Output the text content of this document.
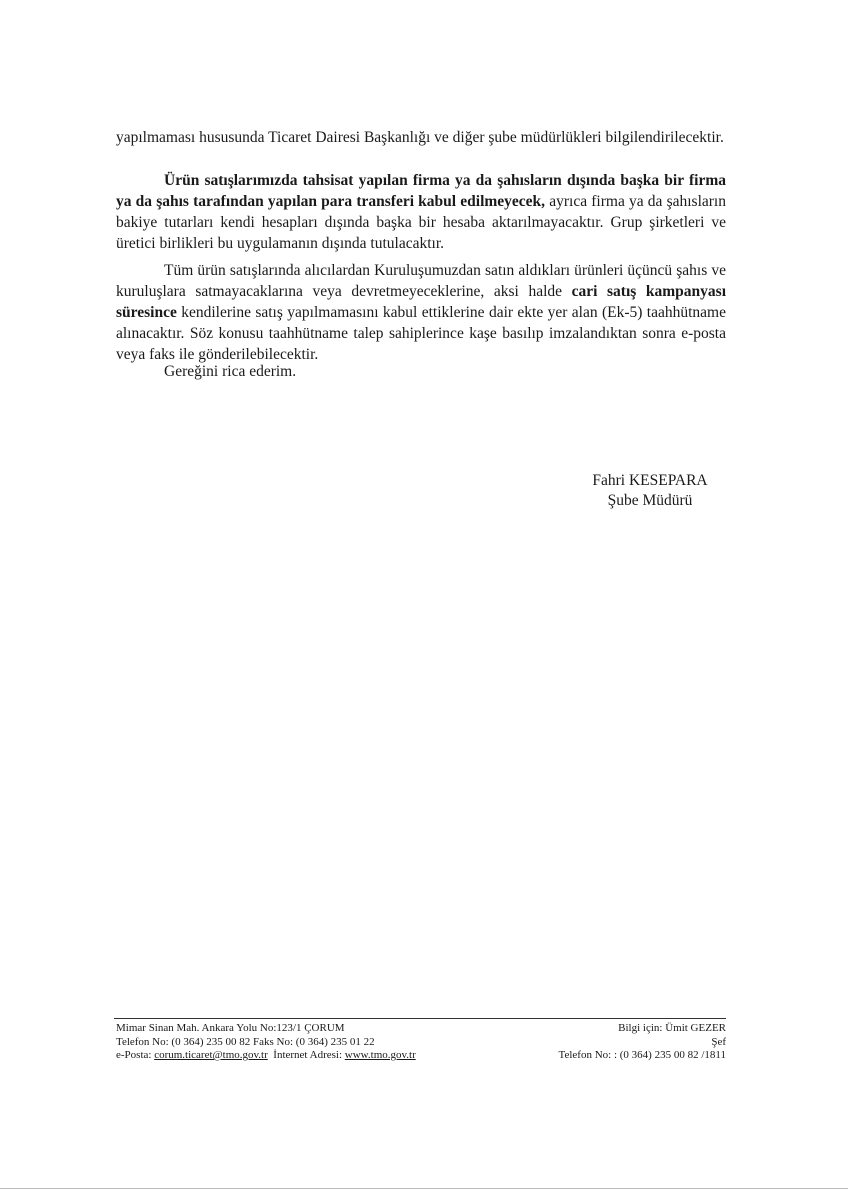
yapılmaması hususunda Ticaret Dairesi Başkanlığı ve diğer şube müdürlükleri bilgilendirilecektir.
Ürün satışlarımızda tahsisat yapılan firma ya da şahısların dışında başka bir firma ya da şahıs tarafından yapılan para transferi kabul edilmeyecek, ayrıca firma ya da şahısların bakiye tutarları kendi hesapları dışında başka bir hesaba aktarılmayacaktır. Grup şirketleri ve üretici birlikleri bu uygulamanın dışında tutulacaktır.
Tüm ürün satışlarında alıcılardan Kuruluşumuzdan satın aldıkları ürünleri üçüncü şahıs ve kuruluşlara satmayacaklarına veya devretmeyeceklerine, aksi halde cari satış kampanyası süresince kendilerine satış yapılmamasını kabul ettiklerine dair ekte yer alan (Ek-5) taahhütname alınacaktır. Söz konusu taahhütname talep sahiplerince kaşe basılıp imzalandıktan sonra e-posta veya faks ile gönderilebilecektir.
Gereğini rica ederim.
Fahri KESEPARA
Şube Müdürü
Mimar Sinan Mah. Ankara Yolu No:123/1 ÇORUM
Telefon No: (0 364) 235 00 82 Faks No: (0 364) 235 01 22
e-Posta: corum.ticaret@tmo.gov.tr  İnternet Adresi: www.tmo.gov.tr
Bilgi için: Ümit GEZER
Şef
Telefon No: : (0 364) 235 00 82 /1811
